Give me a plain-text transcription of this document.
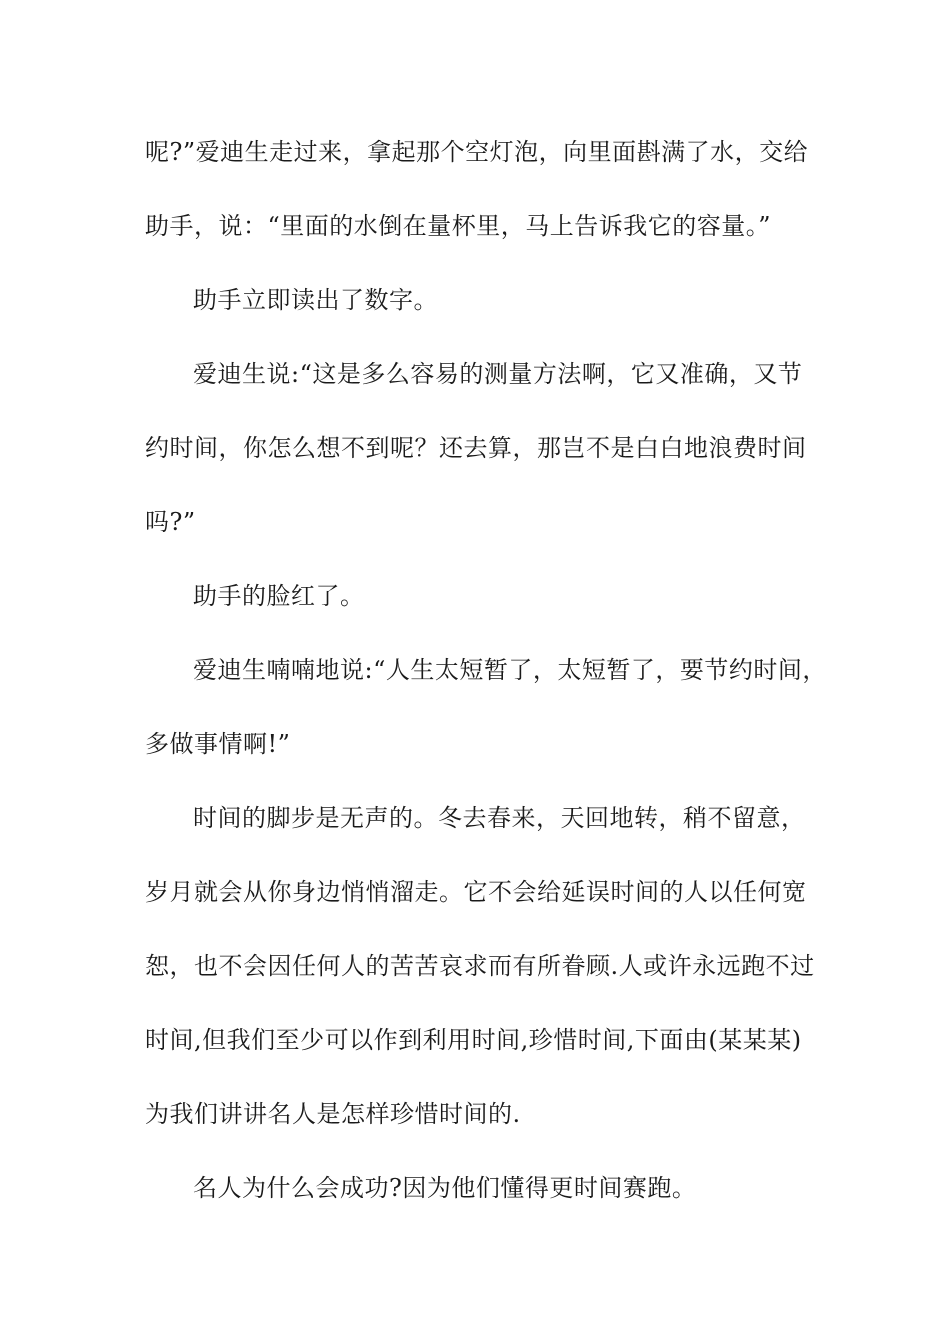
呢?”爱迪生走过来，拿起那个空灯泡，向里面斟满了水，交给
助手，说：“里面的水倒在量杯里，马上告诉我它的容量。”
助手立即读出了数字。
爱迪生说:“这是多么容易的测量方法啊，它又准确，又节
约时间，你怎么想不到呢？还去算，那岂不是白白地浪费时间
吗?”
助手的脸红了。
爱迪生喃喃地说:“人生太短暂了，太短暂了，要节约时间，
多做事情啊!”
时间的脚步是无声的。冬去春来，天回地转，稍不留意，
岁月就会从你身边悄悄溜走。它不会给延误时间的人以任何宽
恕，也不会因任何人的苦苦哀求而有所眷顾.人或许永远跑不过
时间,但我们至少可以作到利用时间,珍惜时间,下面由(某某某)
为我们讲讲名人是怎样珍惜时间的.
名人为什么会成功?因为他们懂得更时间赛跑。
